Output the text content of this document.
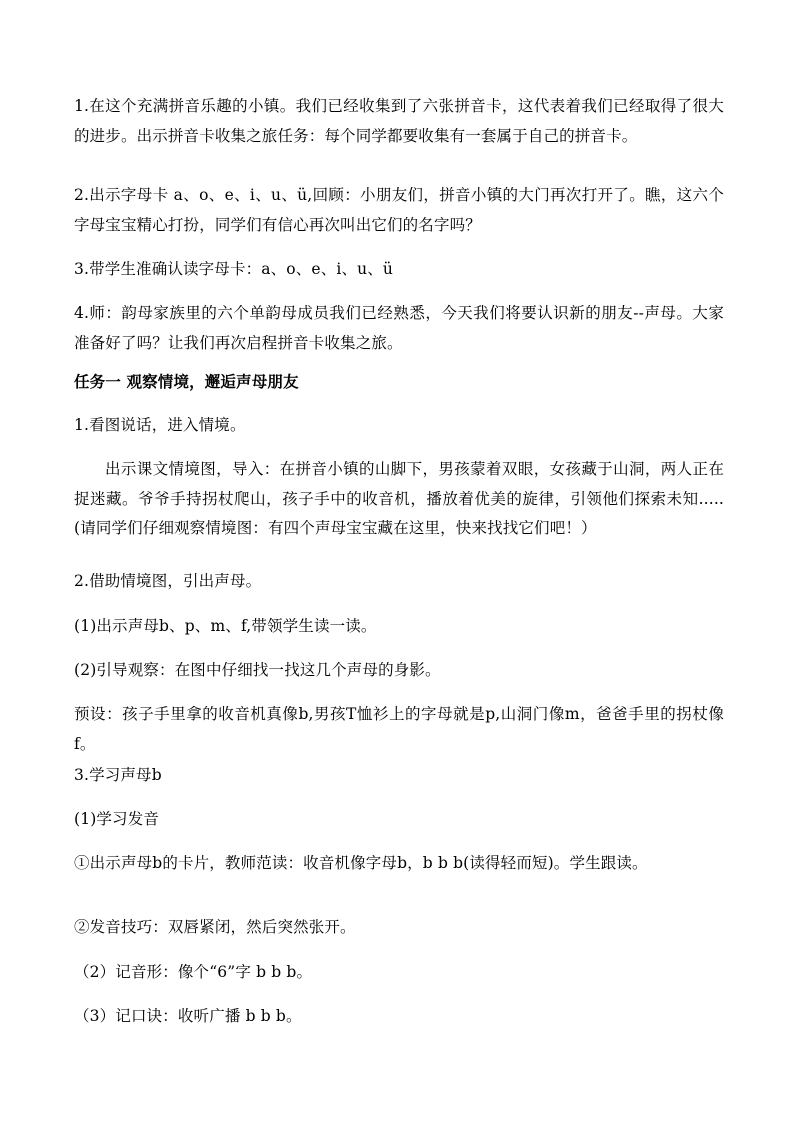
1.在这个充满拼音乐趣的小镇。我们已经收集到了六张拼音卡，这代表着我们已经取得了很大的进步。出示拼音卡收集之旅任务：每个同学都要收集有一套属于自己的拼音卡。

2.出示字母卡 a、o、e、i、u、ü,回顾：小朋友们，拼音小镇的大门再次打开了。瞧，这六个字母宝宝精心打扮，同学们有信心再次叫出它们的名字吗？

3.带学生准确认读字母卡：a、o、e、i、u、ü

4.师：韵母家族里的六个单韵母成员我们已经熟悉，今天我们将要认识新的朋友--声母。大家准备好了吗？让我们再次启程拼音卡收集之旅。

任务一 观察情境，邂逅声母朋友

1.看图说话，进入情境。

出示课文情境图，导入：在拼音小镇的山脚下，男孩蒙着双眼，女孩藏于山洞，两人正在捉迷藏。爷爷手持拐杖爬山，孩子手中的收音机，播放着优美的旋律，引领他们探索未知.....(请同学们仔细观察情境图：有四个声母宝宝藏在这里，快来找找它们吧！）

2.借助情境图，引出声母。

(1)出示声母b、p、m、f,带领学生读一读。

(2)引导观察：在图中仔细找一找这几个声母的身影。

预设：孩子手里拿的收音机真像b,男孩T恤衫上的字母就是p,山洞门像m，爸爸手里的拐杖像f。

3.学习声母b

(1)学习发音

①出示声母b的卡片，教师范读：收音机像字母b，b b b(读得轻而短)。学生跟读。

②发音技巧：双唇紧闭，然后突然张开。

（2）记音形：像个“6”字 b b b。

（3）记口诀：收听广播 b b b。
